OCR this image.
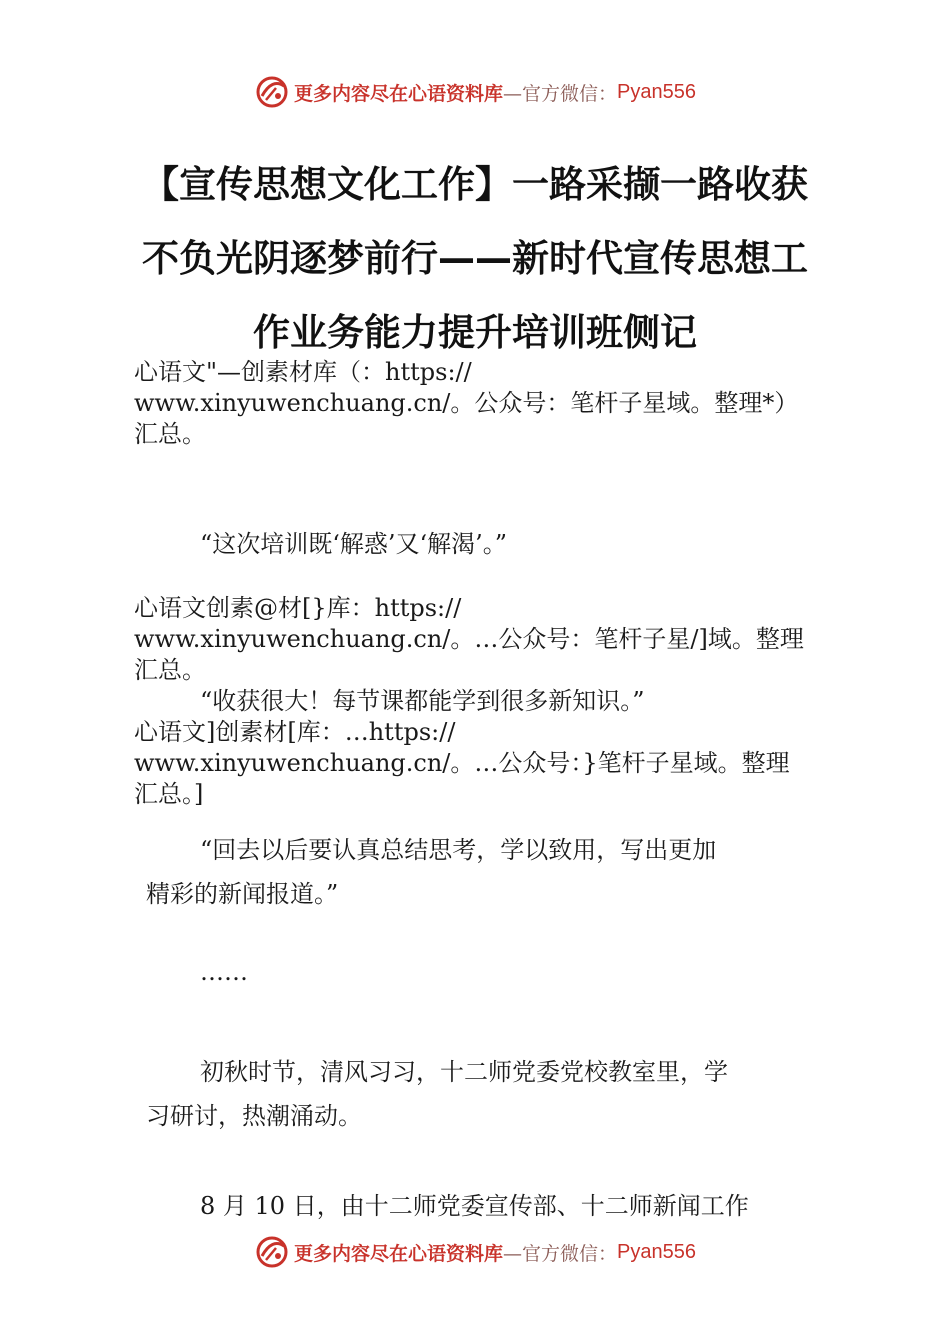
更多内容尽在心语资料库 —官方微信： Pyan556
【宣传思想文化工作】一路采撷一路收获
不负光阴逐梦前行——新时代宣传思想工
作业务能力提升培训班侧记
心语文"—创素材库（：https://
www.xinyuwenchuang.cn/。公众号：笔杆子星域。整理*）
汇总。
“这次培训既‘解惑’又‘解渴’。”
心语文创素@材[}库：https://
www.xinyuwenchuang.cn/。…公众号：笔杆子星/]域。整理
汇总。
“收获很大！每节课都能学到很多新知识。”
心语文]创素材[库：…https://
www.xinyuwenchuang.cn/。…公众号：}笔杆子星域。整理
汇总。]
“回去以后要认真总结思考，学以致用，写出更加
精彩的新闻报道。”
……
初秋时节，清风习习，十二师党委党校教室里，学
习研讨，热潮涌动。
8 月 10 日，由十二师党委宣传部、十二师新闻工作
更多内容尽在心语资料库 —官方微信： Pyan556
